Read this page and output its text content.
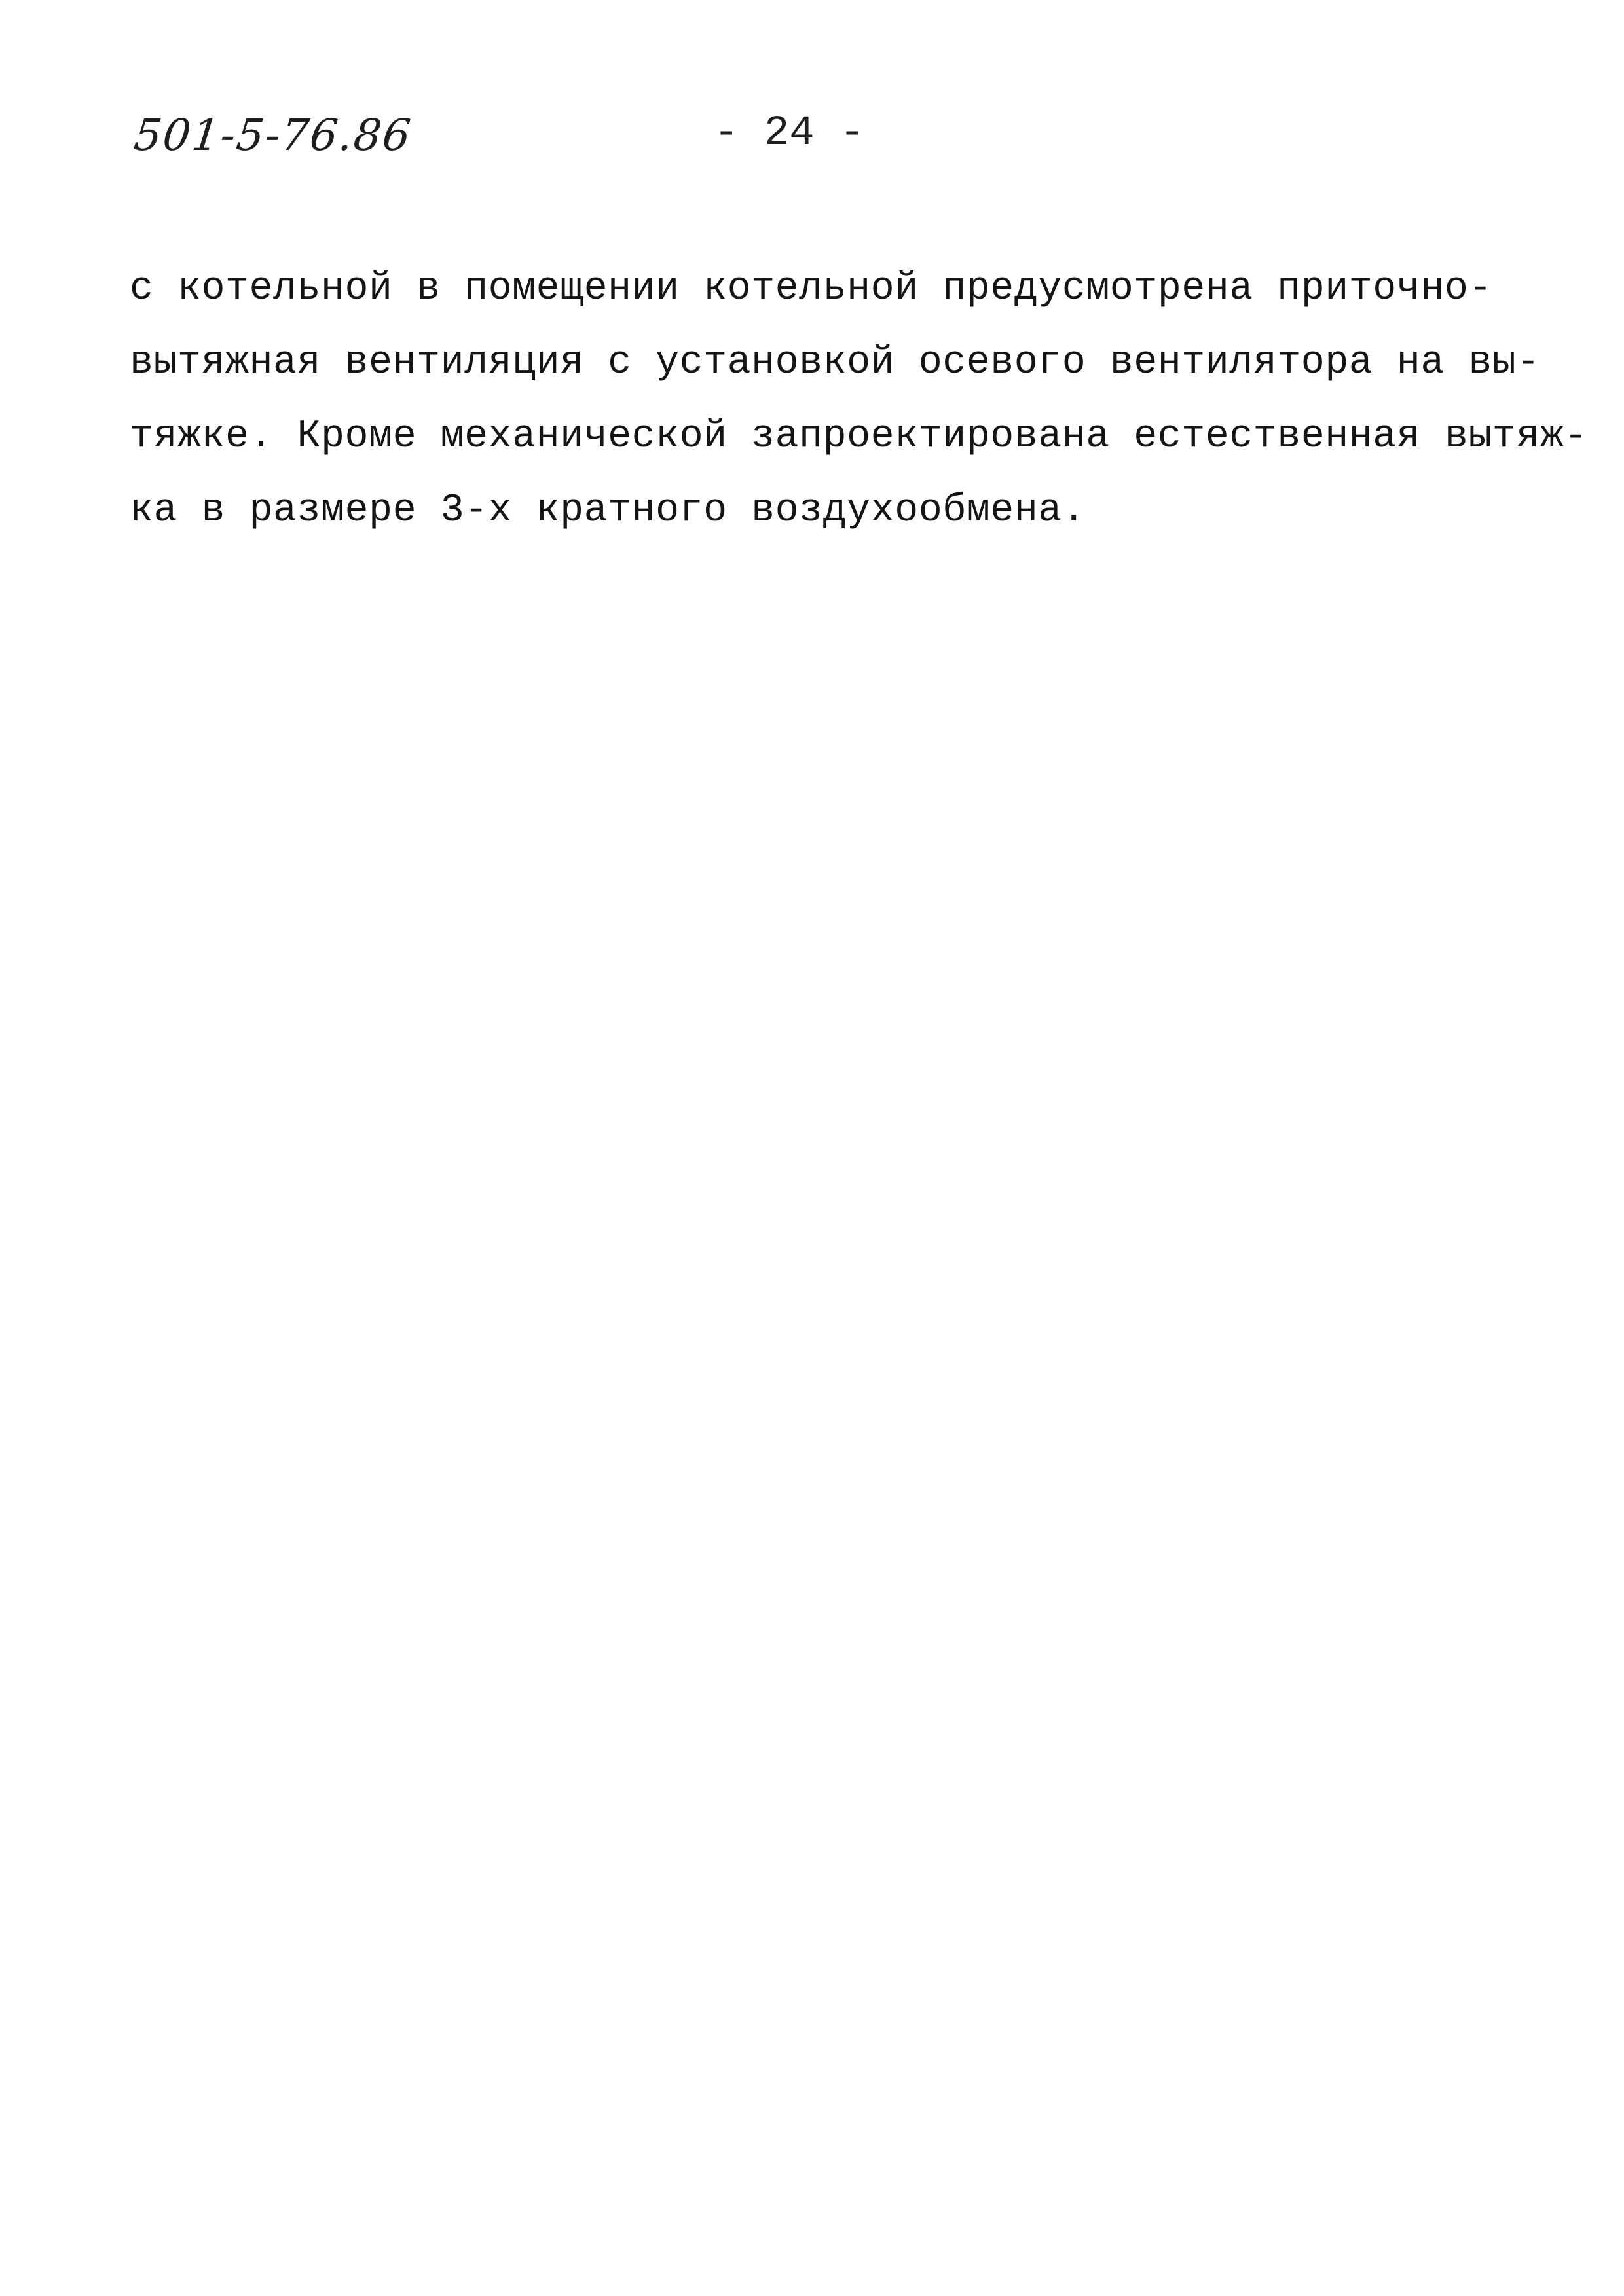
501-5-76.86	- 24 -
с котельной в помещении котельной предусмотрена приточно-
вытяжная вентиляция с установкой осевого вентилятора на вы-
тяжке. Кроме механической запроектирована естественная вытяж-
ка в размере 3-х кратного воздухообмена.
